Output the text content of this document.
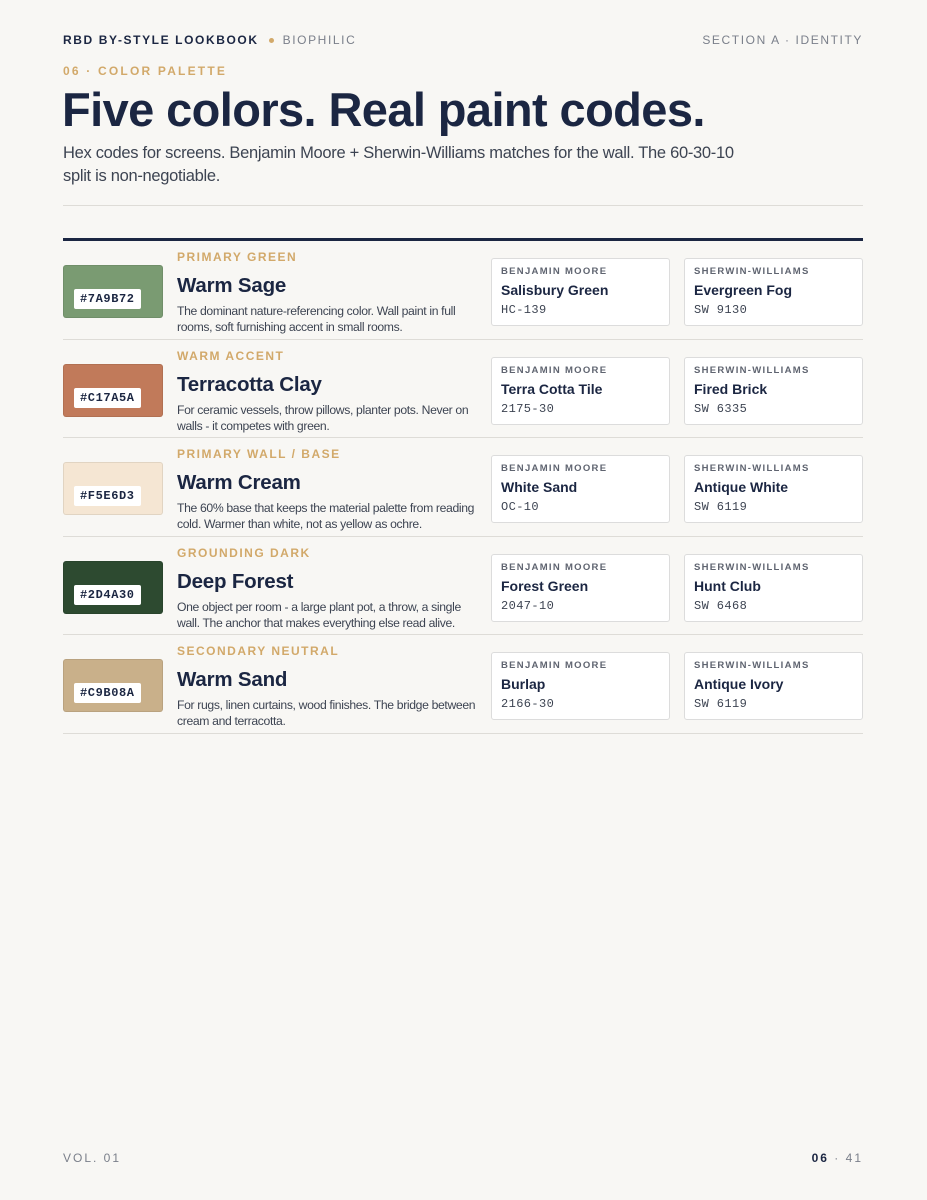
RBD BY-STYLE LOOKBOOK BIOPHILIC	SECTION A · IDENTITY
06 · COLOR PALETTE
Five colors. Real paint codes.

Hex codes for screens. Benjamin Moore + Sherwin-Williams matches for the wall. The 60-30-10 split is non-negotiable.

#7A9B72
PRIMARY GREEN
Warm Sage
The dominant nature-referencing color. Wall paint in full rooms, soft furnishing accent in small rooms.
BENJAMIN MOORE
Salisbury Green
HC-139
SHERWIN-WILLIAMS
Evergreen Fog
SW 9130
#C17A5A
WARM ACCENT
Terracotta Clay
For ceramic vessels, throw pillows, planter pots. Never on walls - it competes with green.
BENJAMIN MOORE
Terra Cotta Tile
2175-30
SHERWIN-WILLIAMS
Fired Brick
SW 6335
#F5E6D3
PRIMARY WALL / BASE
Warm Cream
The 60% base that keeps the material palette from reading cold. Warmer than white, not as yellow as ochre.
BENJAMIN MOORE
White Sand
OC-10
SHERWIN-WILLIAMS
Antique White
SW 6119
#2D4A30
GROUNDING DARK
Deep Forest
One object per room - a large plant pot, a throw, a single wall. The anchor that makes everything else read alive.
BENJAMIN MOORE
Forest Green
2047-10
SHERWIN-WILLIAMS
Hunt Club
SW 6468
#C9B08A
SECONDARY NEUTRAL
Warm Sand
For rugs, linen curtains, wood finishes. The bridge between cream and terracotta.
BENJAMIN MOORE
Burlap
2166-30
SHERWIN-WILLIAMS
Antique Ivory
SW 6119
VOL. 01	06 · 41
